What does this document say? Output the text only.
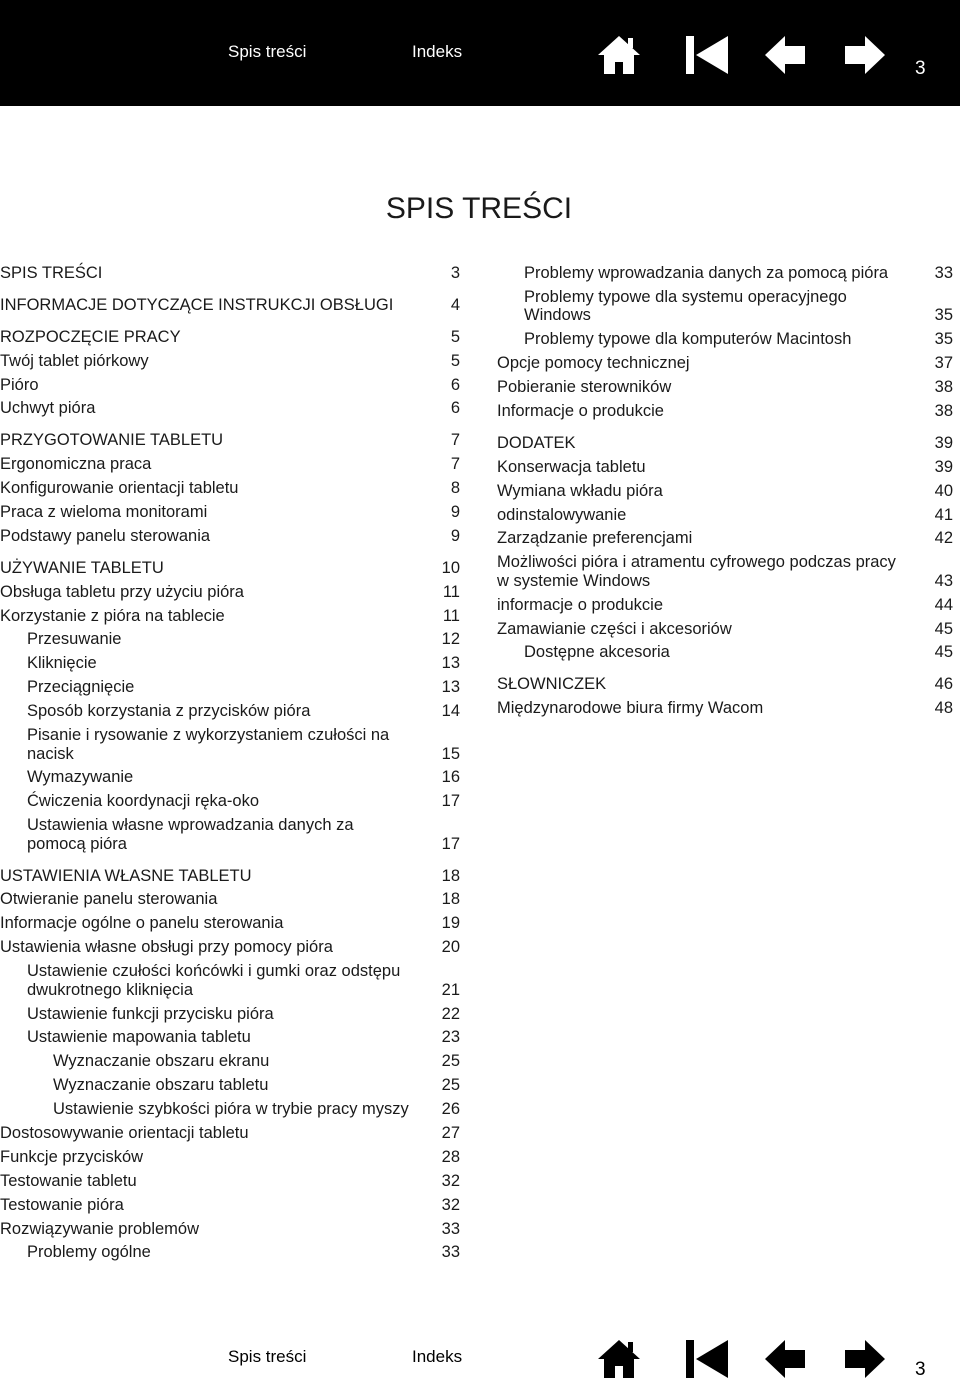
Spis treści	Indeks
3
SPIS TREŚCI
SPIS TREŚCI	3
INFORMACJE DOTYCZĄCE INSTRUKCJI OBSŁUGI	4
ROZPOCZĘCIE PRACY	5
Twój tablet piórkowy	5
Pióro	6
Uchwyt pióra	6
PRZYGOTOWANIE TABLETU	7
Ergonomiczna praca	7
Konfigurowanie orientacji tabletu	8
Praca z wieloma monitorami	9
Podstawy panelu sterowania	9
UŻYWANIE TABLETU	10
Obsługa tabletu przy użyciu pióra	11
Korzystanie z pióra na tablecie	11
Przesuwanie	12
Kliknięcie	13
Przeciągnięcie	13
Sposób korzystania z przycisków pióra	14
Pisanie i rysowanie z wykorzystaniem czułości na nacisk	15
Wymazywanie	16
Ćwiczenia koordynacji ręka-oko	17
Ustawienia własne wprowadzania danych za pomocą pióra	17
USTAWIENIA WŁASNE TABLETU	18
Otwieranie panelu sterowania	18
Informacje ogólne o panelu sterowania	19
Ustawienia własne obsługi przy pomocy pióra	20
Ustawienie czułości końcówki i gumki oraz odstępu dwukrotnego kliknięcia	21
Ustawienie funkcji przycisku pióra	22
Ustawienie mapowania tabletu	23
Wyznaczanie obszaru ekranu	25
Wyznaczanie obszaru tabletu	25
Ustawienie szybkości pióra w trybie pracy myszy	26
Dostosowywanie orientacji tabletu	27
Funkcje przycisków	28
Testowanie tabletu	32
Testowanie pióra	32
Rozwiązywanie problemów	33
Problemy ogólne	33
Problemy wprowadzania danych za pomocą pióra	33
Problemy typowe dla systemu operacyjnego Windows	35
Problemy typowe dla komputerów Macintosh	35
Opcje pomocy technicznej	37
Pobieranie sterowników	38
Informacje o produkcie	38
DODATEK	39
Konserwacja tabletu	39
Wymiana wkładu pióra	40
odinstalowywanie	41
Zarządzanie preferencjami	42
Możliwości pióra i atramentu cyfrowego podczas pracy w systemie Windows	43
informacje o produkcie	44
Zamawianie części i akcesoriów	45
Dostępne akcesoria	45
SŁOWNICZEK	46
Międzynarodowe biura firmy Wacom	48
Spis treści	Indeks
3
